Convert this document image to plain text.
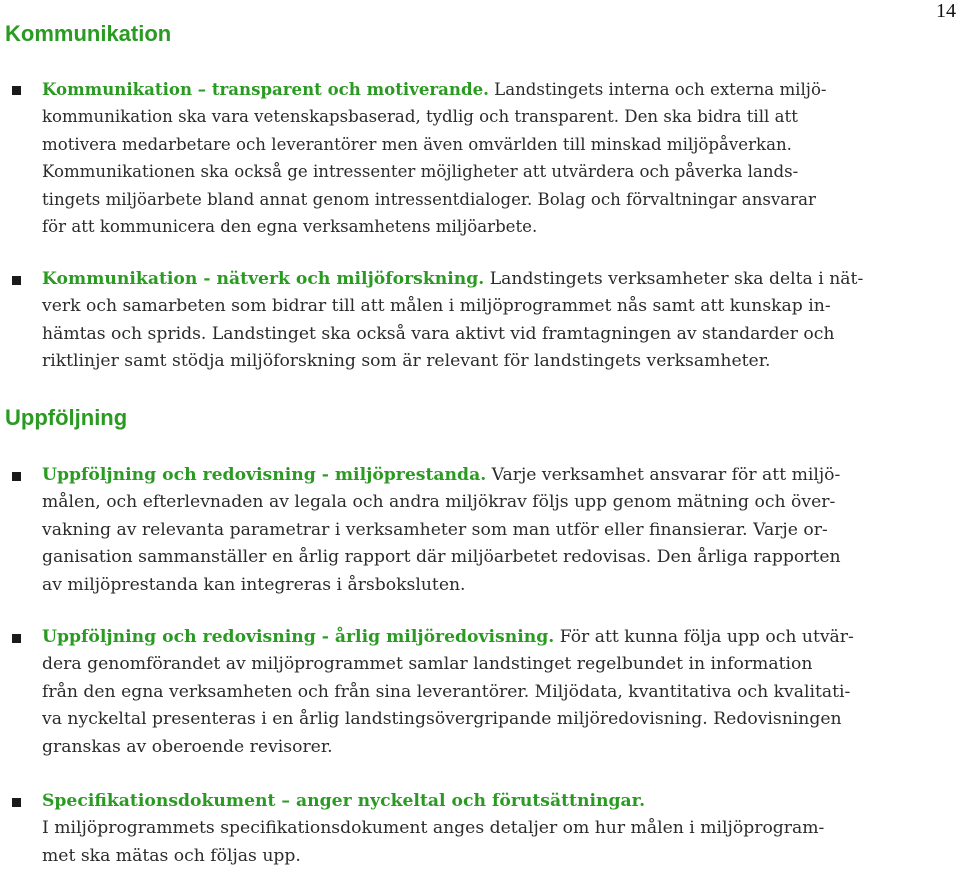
14
Kommunikation

Kommunikation – transparent och motiverande. Landstingets interna och externa miljö-
kommunikation ska vara vetenskapsbaserad, tydlig och transparent. Den ska bidra till att
motivera medarbetare och leverantörer men även omvärlden till minskad miljöpåverkan.
Kommunikationen ska också ge intressenter möjligheter att utvärdera och påverka lands-
tingets miljöarbete bland annat genom intressentdialoger. Bolag och förvaltningar ansvarar
för att kommunicera den egna verksamhetens miljöarbete.

Kommunikation - nätverk och miljöforskning. Landstingets verksamheter ska delta i nät-
verk och samarbeten som bidrar till att målen i miljöprogrammet nås samt att kunskap in-
hämtas och sprids. Landstinget ska också vara aktivt vid framtagningen av standarder och
riktlinjer samt stödja miljöforskning som är relevant för landstingets verksamheter.

Uppföljning

Uppföljning och redovisning - miljöprestanda. Varje verksamhet ansvarar för att miljö-
målen, och efterlevnaden av legala och andra miljökrav följs upp genom mätning och över-
vakning av relevanta parametrar i verksamheter som man utför eller finansierar. Varje or-
ganisation sammanställer en årlig rapport där miljöarbetet redovisas. Den årliga rapporten
av miljöprestanda kan integreras i årsboksluten.

Uppföljning och redovisning - årlig miljöredovisning. För att kunna följa upp och utvär-
dera genomförandet av miljöprogrammet samlar landstinget regelbundet in information
från den egna verksamheten och från sina leverantörer. Miljödata, kvantitativa och kvalitati-
va nyckeltal presenteras i en årlig landstingsövergripande miljöredovisning. Redovisningen
granskas av oberoende revisorer.

Specifikationsdokument – anger nyckeltal och förutsättningar.
I miljöprogrammets specifikationsdokument anges detaljer om hur målen i miljöprogram-
met ska mätas och följas upp.
